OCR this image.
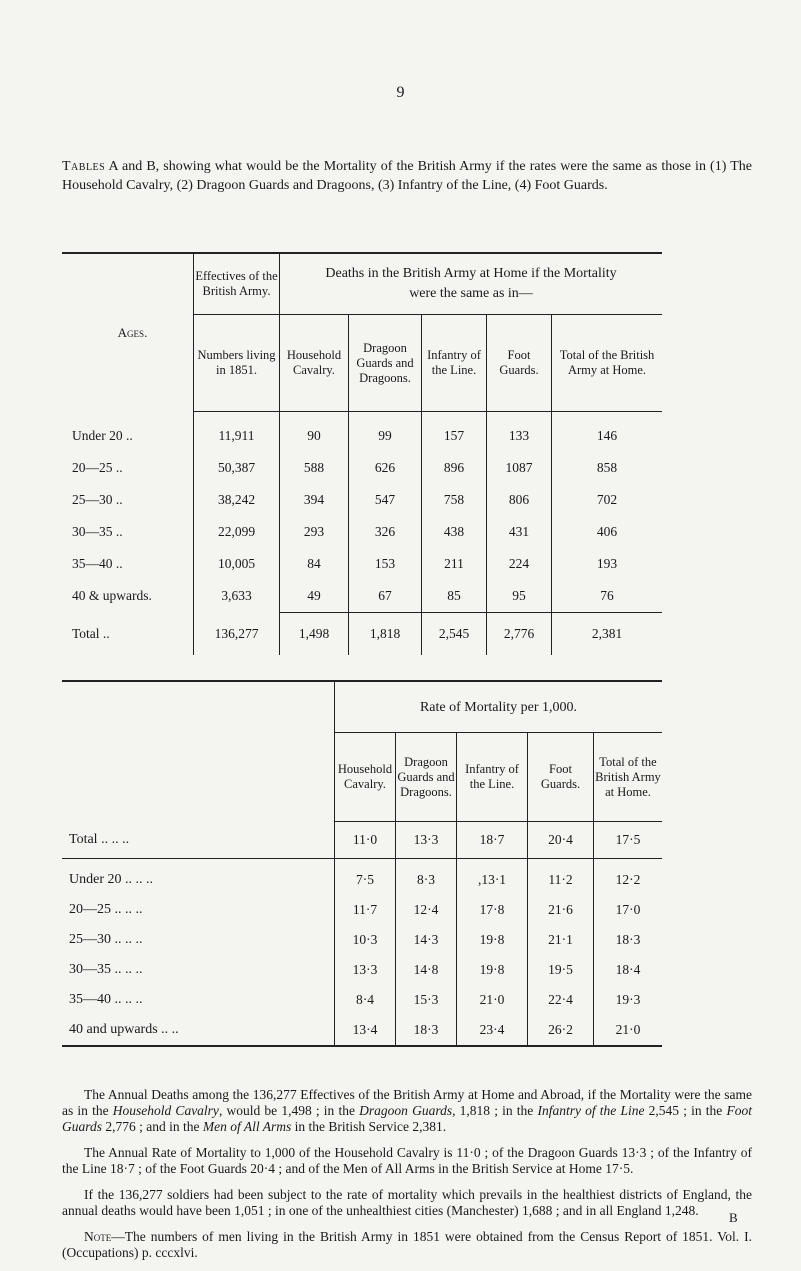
9
Tables A and B, showing what would be the Mortality of the British Army if the rates were the same as those in (1) The Household Cavalry, (2) Dragoon Guards and Dragoons, (3) Infantry of the Line, (4) Foot Guards.
Ages.	Effectives of the British Army.	Deaths in the British Army at Home if the Mortality were the same as in—				
	Numbers living in 1851.	Household Cavalry.	Dragoon Guards and Dragoons.	Infantry of the Line.	Foot Guards.	Total of the British Army at Home.

Under 20 ..	11,911	90	99	157	133	146
20—25 ..	50,387	588	626	896	1087	858
25—30 ..	38,242	394	547	758	806	702
30—35 ..	22,099	293	326	438	431	406
35—40 ..	10,005	84	153	211	224	193
40 & upwards.	3,633	49	67	85	95	76
Total ..	136,277	1,498	1,818	2,545	2,776	2,381
	Rate of Mortality per 1,000.				
	Household Cavalry.	Dragoon Guards and Dragoons.	Infantry of the Line.	Foot Guards.	Total of the British Army at Home.
Total .. .. ..	11·0	13·3	18·7	20·4	17·5

Under 20 .. .. ..	7·5	8·3	,13·1	11·2	12·2
20—25 .. .. ..	11·7	12·4	17·8	21·6	17·0
25—30 .. .. ..	10·3	14·3	19·8	21·1	18·3
30—35 .. .. ..	13·3	14·8	19·8	19·5	18·4
35—40 .. .. ..	8·4	15·3	21·0	22·4	19·3
40 and upwards .. ..	13·4	18·3	23·4	26·2	21·0

The Annual Deaths among the 136,277 Effectives of the British Army at Home and Abroad, if the Mortality were the same as in the Household Cavalry, would be 1,498 ; in the Dragoon Guards, 1,818 ; in the Infantry of the Line 2,545 ; in the Foot Guards 2,776 ; and in the Men of All Arms in the British Service 2,381.

The Annual Rate of Mortality to 1,000 of the Household Cavalry is 11·0 ; of the Dragoon Guards 13·3 ; of the Infantry of the Line 18·7 ; of the Foot Guards 20·4 ; and of the Men of All Arms in the British Service at Home 17·5.

If the 136,277 soldiers had been subject to the rate of mortality which prevails in the healthiest districts of England, the annual deaths would have been 1,051 ; in one of the unhealthiest cities (Manchester) 1,688 ; and in all England 1,248.

Note—The numbers of men living in the British Army in 1851 were obtained from the Census Report of 1851. Vol. I. (Occupations) p. cccxlvi.

B
